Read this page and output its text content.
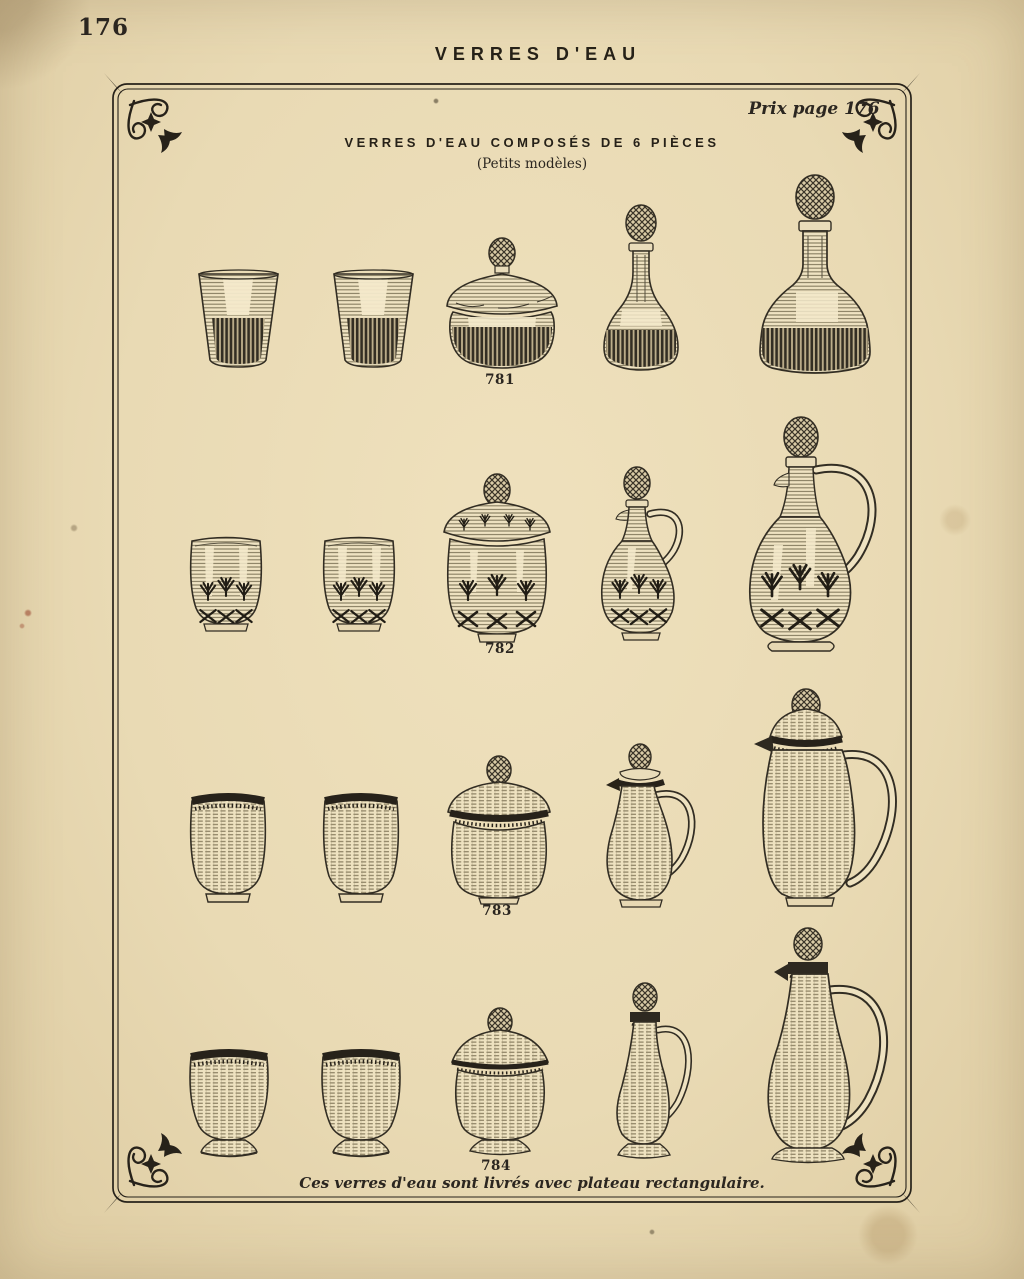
176
VERRES D'EAU
Prix page 176
VERRES D'EAU COMPOSÉS DE 6 PIÈCES
(Petits modèles)
781
782
783
784
Ces verres d'eau sont livrés avec plateau rectangulaire.
